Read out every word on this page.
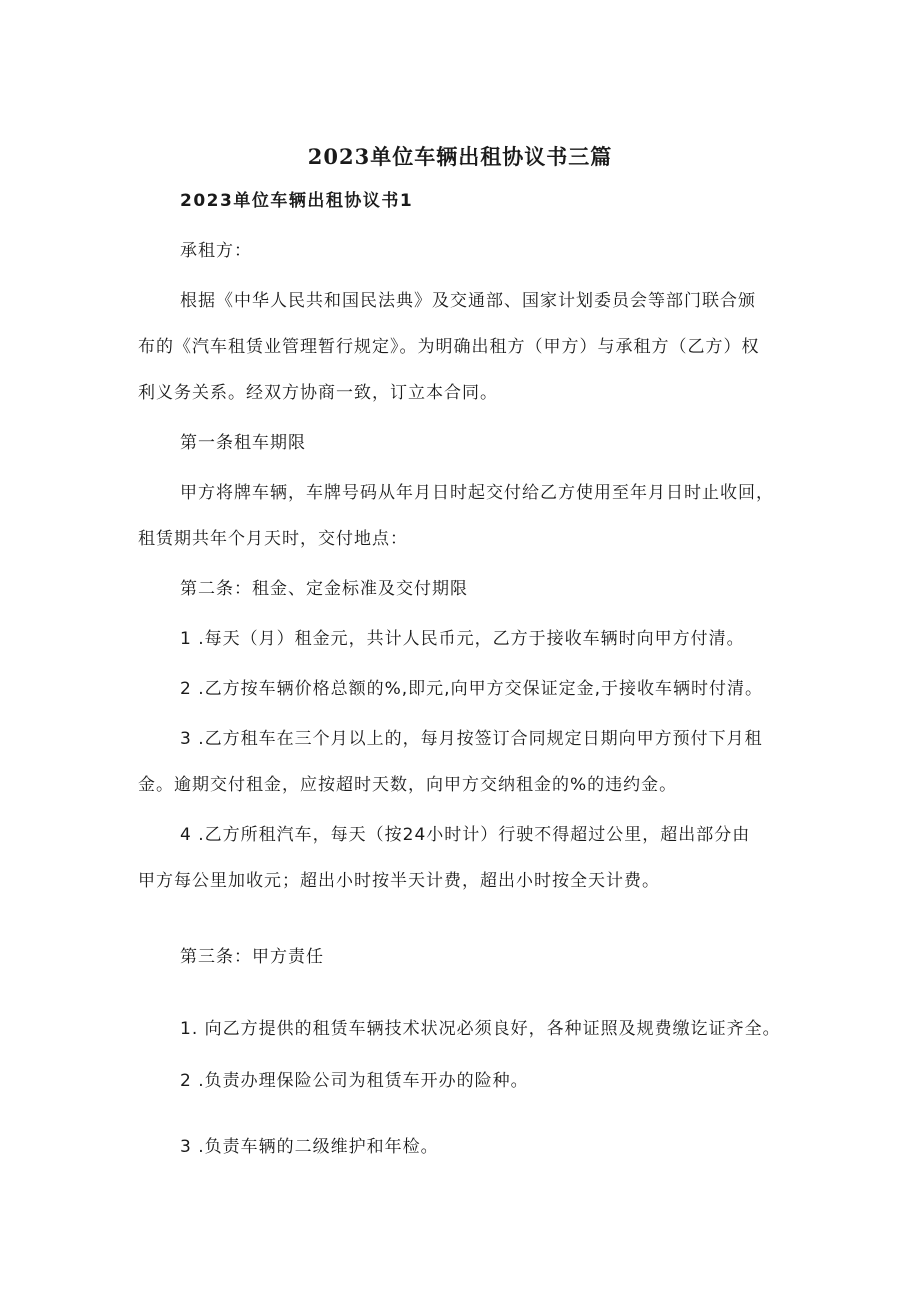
2023单位车辆出租协议书三篇
2023单位车辆出租协议书1
承租方：
根据《中华人民共和国民法典》及交通部、国家计划委员会等部门联合颁
布的《汽车租赁业管理暂行规定》。为明确出租方（甲方）与承租方（乙方）权
利义务关系。经双方协商一致，订立本合同。
第一条租车期限
甲方将牌车辆，车牌号码从年月日时起交付给乙方使用至年月日时止收回，
租赁期共年个月天时，交付地点：
第二条：租金、定金标准及交付期限
1 .每天（月）租金元，共计人民币元，乙方于接收车辆时向甲方付清。
2 .乙方按车辆价格总额的%,即元,向甲方交保证定金,于接收车辆时付清。
3 .乙方租车在三个月以上的，每月按签订合同规定日期向甲方预付下月租
金。逾期交付租金，应按超时天数，向甲方交纳租金的%的违约金。
4 .乙方所租汽车，每天（按24小时计）行驶不得超过公里，超出部分由
甲方每公里加收元；超出小时按半天计费，超出小时按全天计费。
第三条：甲方责任
1. 向乙方提供的租赁车辆技术状况必须良好，各种证照及规费缴讫证齐全。
2 .负责办理保险公司为租赁车开办的险种。
3 .负责车辆的二级维护和年检。
